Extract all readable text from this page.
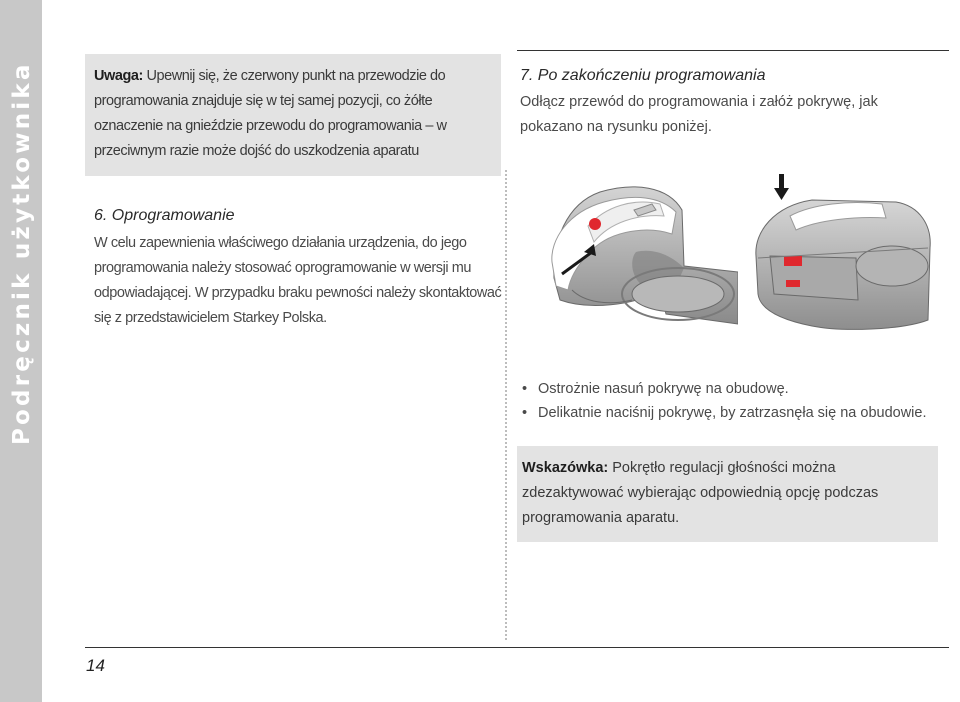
Podręcznik użytkownika	Uwaga: Upewnij się, że czerwony punkt na przewodzie do programowania znajduje się w tej samej pozycji, co żółte oznaczenie na gnieździe przewodu do programowania – w przeciwnym razie może dojść do uszkodzenia aparatu
6. Oprogramowanie
W celu zapewnienia właściwego działania urządzenia, do jego programowania należy stosować oprogramowanie w wersji mu odpowiadającej. W przypadku braku pewności należy skontaktować się z przedstawicielem Starkey Polska.
7. Po zakończeniu programowania
Odłącz przewód do programowania i załóż pokrywę, jak pokazano na rysunku poniżej.
• Ostrożnie nasuń pokrywę na obudowę.
• Delikatnie naciśnij pokrywę, by zatrzasnęła się na obudowie.
Wskazówka: Pokrętło regulacji głośności można zdezaktywować wybierając odpowiednią opcję podczas programowania aparatu.
14
